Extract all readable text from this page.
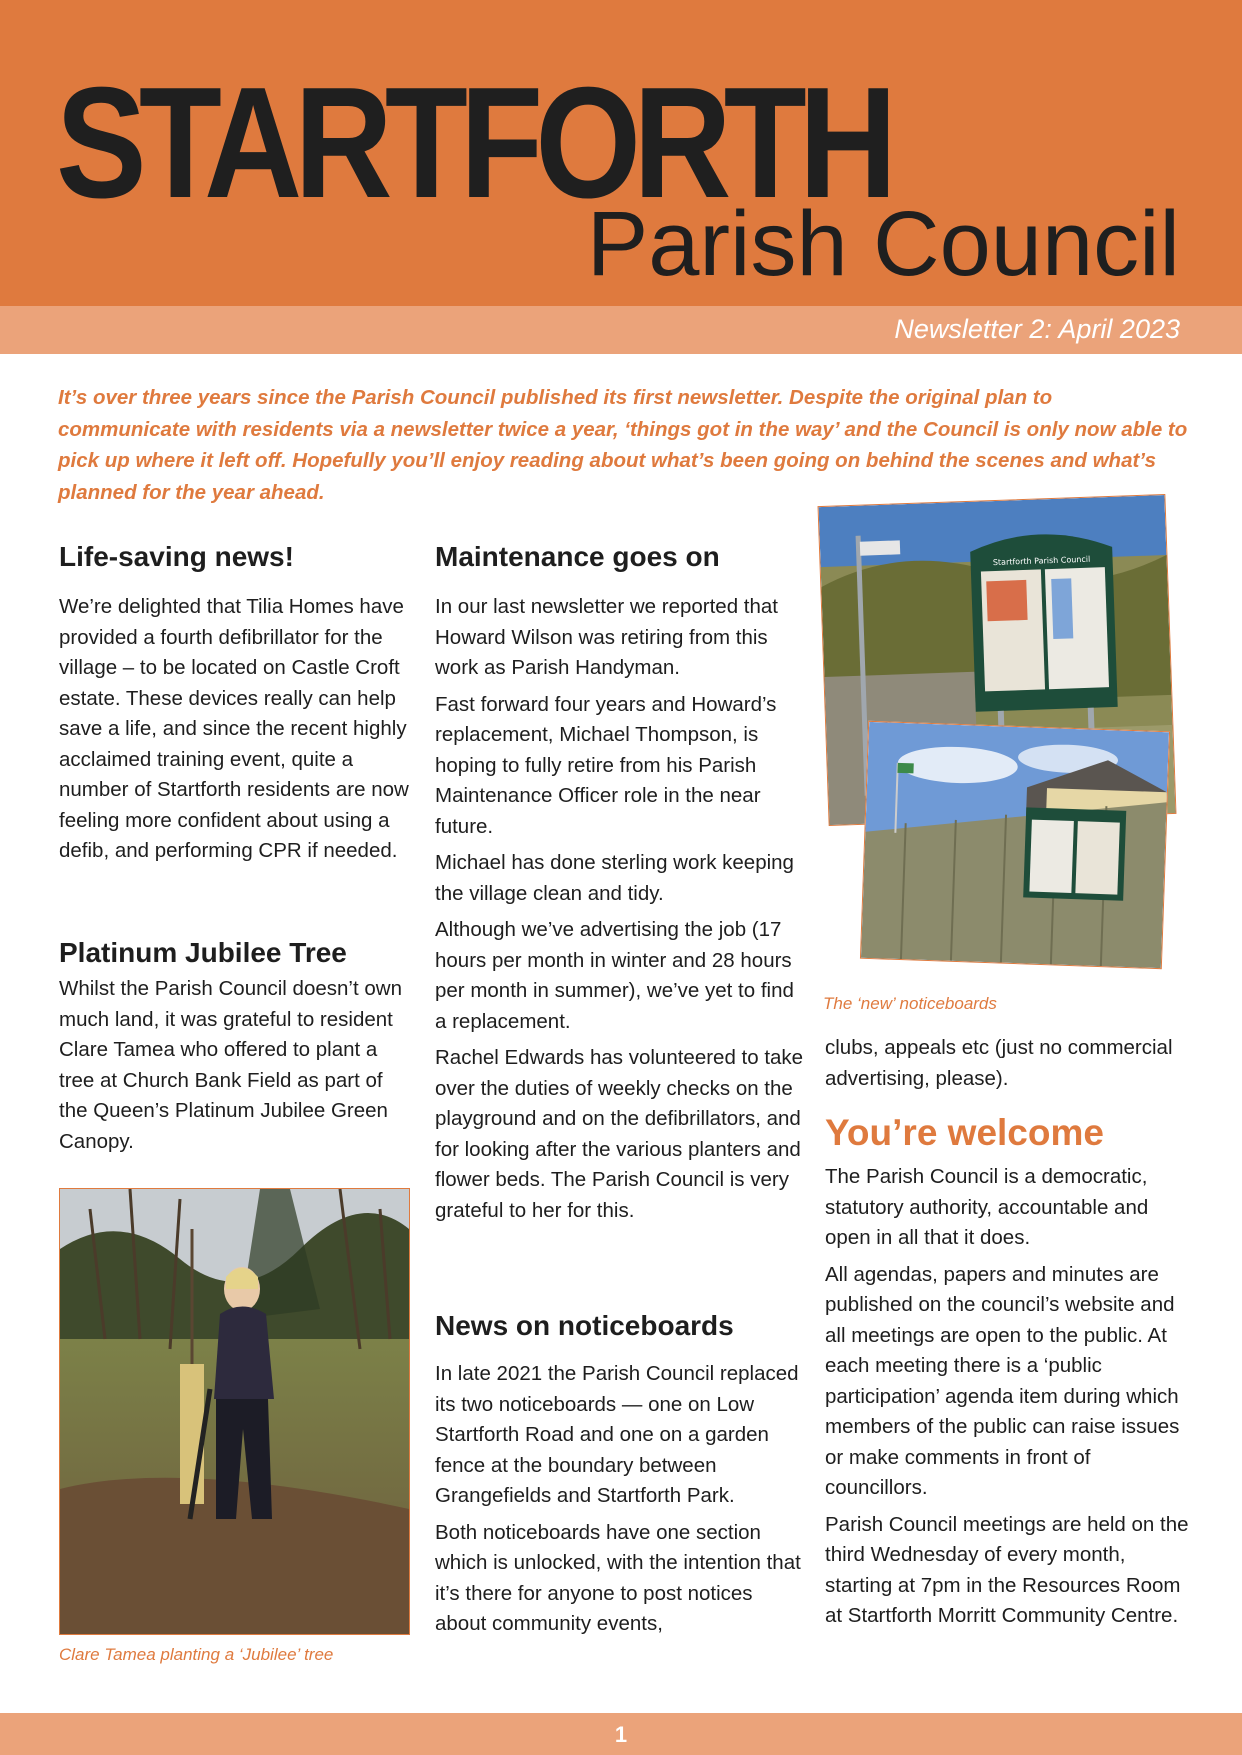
STARTFORTH
Parish Council
Newsletter 2: April 2023

It’s over three years since the Parish Council published its first newsletter. Despite the original plan to communicate with residents via a newsletter twice a year, ‘things got in the way’ and the Council is only now able to pick up where it left off. Hopefully you’ll enjoy reading about what’s been going on behind the scenes and what’s planned for the year ahead.

Life-saving news!

We’re delighted that Tilia Homes have provided a fourth defibrillator for the village – to be located on Castle Croft estate. These devices really can help save a life, and since the recent highly acclaimed training event, quite a number of Startforth residents are now feeling more confident about using a defib, and performing CPR if needed.

Platinum Jubilee Tree

Whilst the Parish Council doesn’t own much land, it was grateful to resident Clare Tamea who offered to plant a tree at Church Bank Field as part of the Queen’s Platinum Jubilee Green Canopy.

Clare Tamea planting a ‘Jubilee’ tree
Maintenance goes on

In our last newsletter we reported that Howard Wilson was retiring from this work as Parish Handyman.

Fast forward four years and Howard’s replacement, Michael Thompson, is hoping to fully retire from his Parish Maintenance Officer role in the near future.

Michael has done sterling work keeping the village clean and tidy.

Although we’ve advertising the job (17 hours per month in winter and 28 hours per month in summer), we’ve yet to find a replacement.

Rachel Edwards has volunteered to take over the duties of weekly checks on the playground and on the defibrillators, and for looking after the various planters and flower beds. The Parish Council is very grateful to her for this.

News on noticeboards

In late 2021 the Parish Council replaced its two noticeboards — one on Low Startforth Road and one on a garden fence at the boundary between Grangefields and Startforth Park.

Both noticeboards have one section which is unlocked, with the intention that it’s there for anyone to post notices about community events,

Startforth Parish Council
The ‘new’ noticeboards

clubs, appeals etc (just no commercial advertising, please).

You’re welcome

The Parish Council is a democratic, statutory authority, accountable and open in all that it does.

All agendas, papers and minutes are published on the council’s website and all meetings are open to the public. At each meeting there is a ‘public participation’ agenda item during which members of the public can raise issues or make comments in front of councillors.

Parish Council meetings are held on the third Wednesday of every month, starting at 7pm in the Resources Room at Startforth Morritt Community Centre.

1
